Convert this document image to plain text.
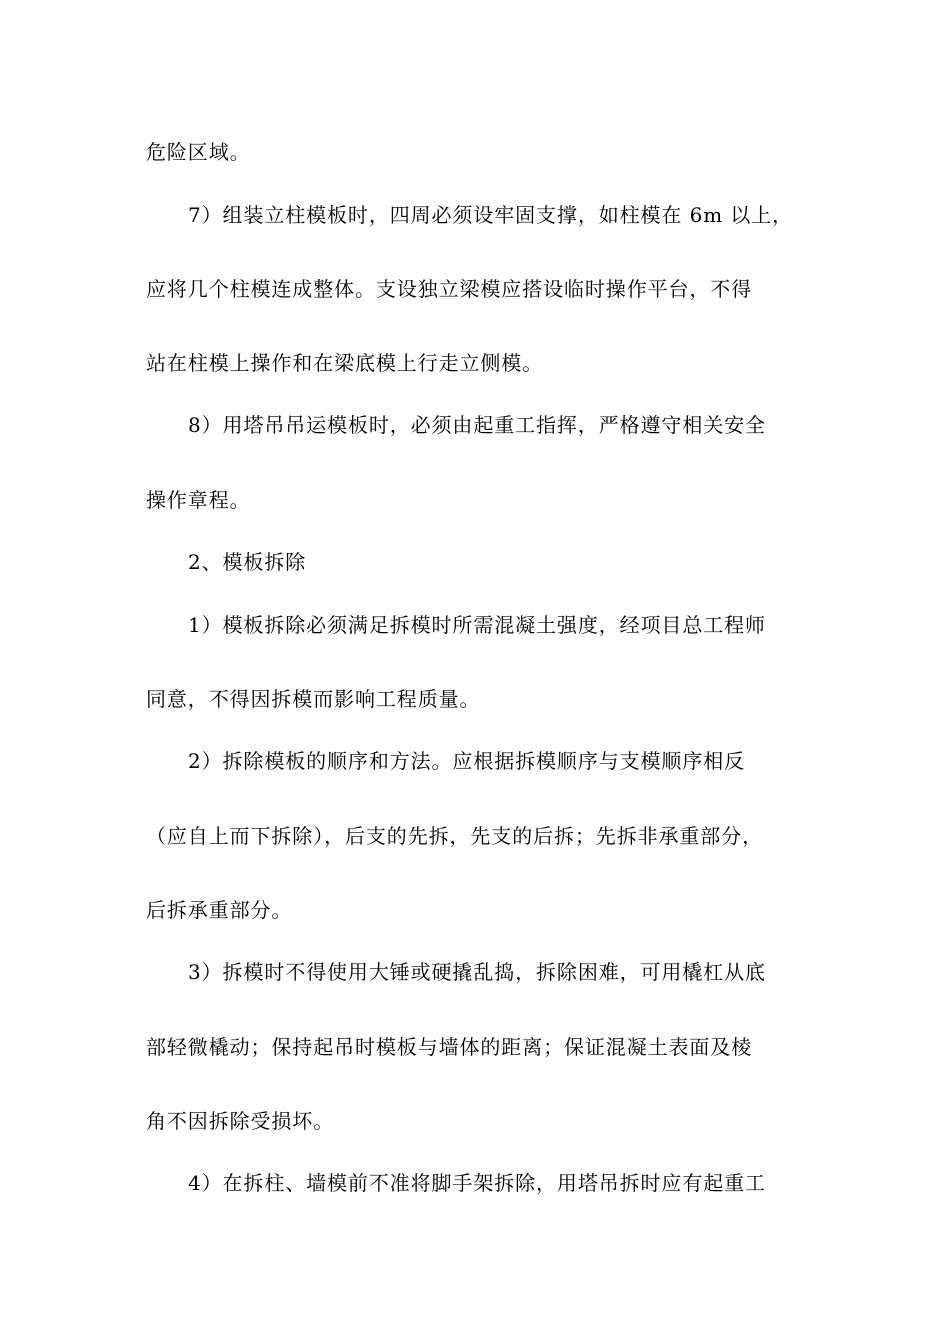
危险区域。
7）组装立柱模板时，四周必须设牢固支撑，如柱模在 6m 以上，
应将几个柱模连成整体。支设独立梁模应搭设临时操作平台，不得
站在柱模上操作和在梁底模上行走立侧模。
8）用塔吊吊运模板时，必须由起重工指挥，严格遵守相关安全
操作章程。
2、模板拆除
1）模板拆除必须满足拆模时所需混凝土强度，经项目总工程师
同意，不得因拆模而影响工程质量。
2）拆除模板的顺序和方法。应根据拆模顺序与支模顺序相反
（应自上而下拆除），后支的先拆，先支的后拆；先拆非承重部分，
后拆承重部分。
3）拆模时不得使用大锤或硬撬乱捣，拆除困难，可用橇杠从底
部轻微橇动；保持起吊时模板与墙体的距离；保证混凝土表面及棱
角不因拆除受损坏。
4）在拆柱、墙模前不准将脚手架拆除，用塔吊拆时应有起重工
